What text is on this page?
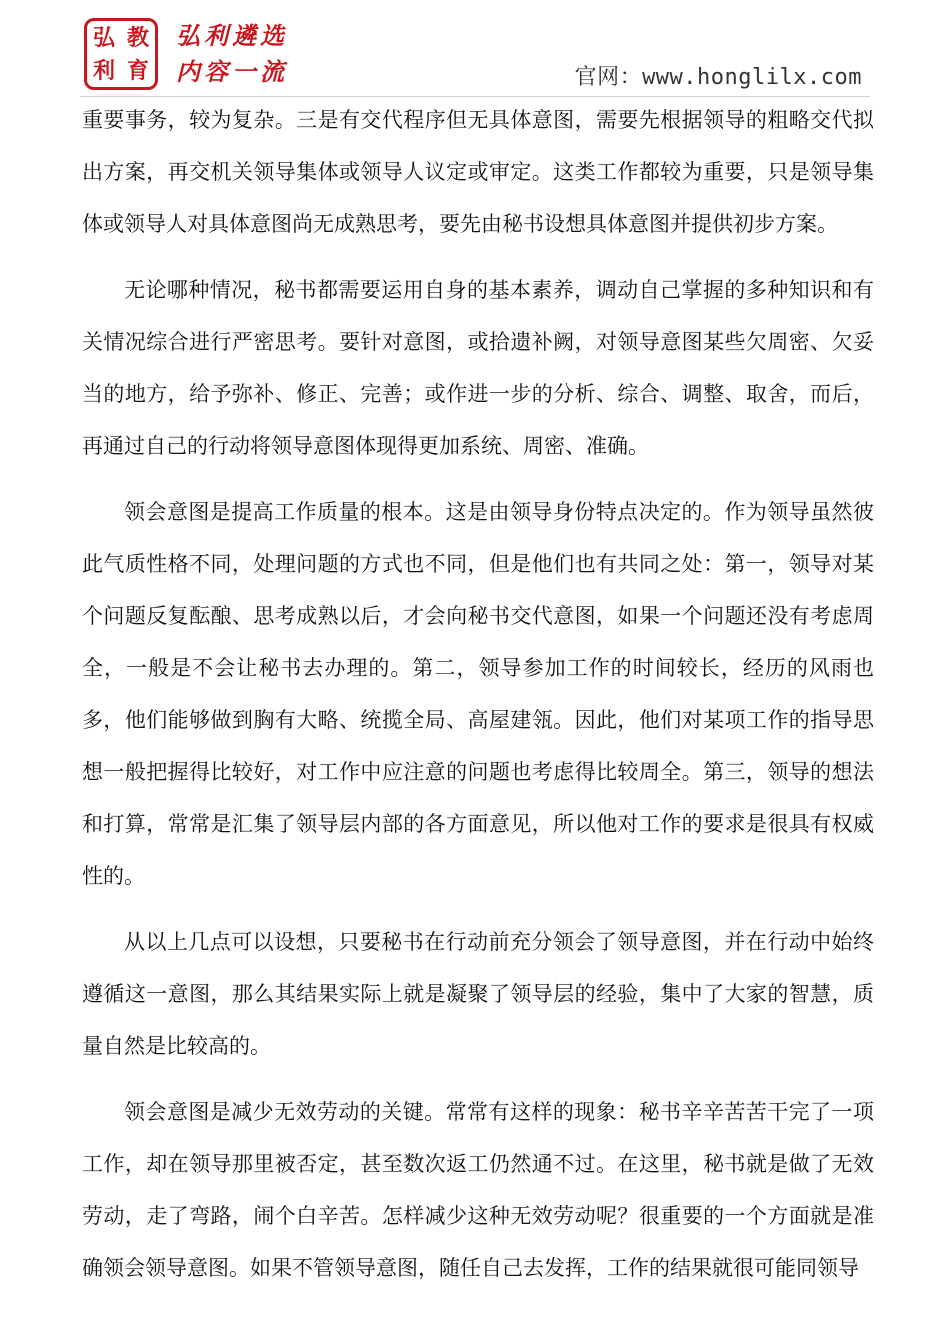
弘 教
利 育
弘利遴选
内容一流	官网：www.honglilx.com

重要事务，较为复杂。三是有交代程序但无具体意图，需要先根据领导的粗略交代拟出方案，再交机关领导集体或领导人议定或审定。这类工作都较为重要，只是领导集体或领导人对具体意图尚无成熟思考，要先由秘书设想具体意图并提供初步方案。

无论哪种情况，秘书都需要运用自身的基本素养，调动自己掌握的多种知识和有关情况综合进行严密思考。要针对意图，或拾遗补阙，对领导意图某些欠周密、欠妥当的地方，给予弥补、修正、完善；或作进一步的分析、综合、调整、取舍，而后，再通过自己的行动将领导意图体现得更加系统、周密、准确。

领会意图是提高工作质量的根本。这是由领导身份特点决定的。作为领导虽然彼此气质性格不同，处理问题的方式也不同，但是他们也有共同之处：第一，领导对某个问题反复酝酿、思考成熟以后，才会向秘书交代意图，如果一个问题还没有考虑周全，一般是不会让秘书去办理的。第二，领导参加工作的时间较长，经历的风雨也多，他们能够做到胸有大略、统揽全局、高屋建瓴。因此，他们对某项工作的指导思想一般把握得比较好，对工作中应注意的问题也考虑得比较周全。第三，领导的想法和打算，常常是汇集了领导层内部的各方面意见，所以他对工作的要求是很具有权威性的。

从以上几点可以设想，只要秘书在行动前充分领会了领导意图，并在行动中始终遵循这一意图，那么其结果实际上就是凝聚了领导层的经验，集中了大家的智慧，质量自然是比较高的。

领会意图是减少无效劳动的关键。常常有这样的现象：秘书辛辛苦苦干完了一项工作，却在领导那里被否定，甚至数次返工仍然通不过。在这里，秘书就是做了无效劳动，走了弯路，闹个白辛苦。怎样减少这种无效劳动呢？很重要的一个方面就是准确领会领导意图。如果不管领导意图，随任自己去发挥，工作的结果就很可能同领导
